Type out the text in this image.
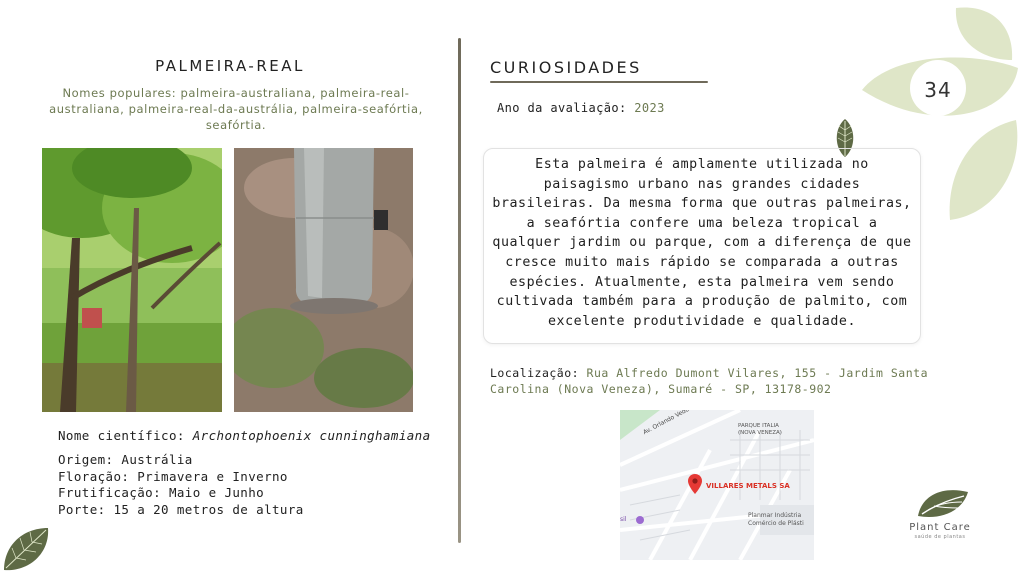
PALMEIRA-REAL
Nomes populares: palmeira-australiana, palmeira-real-australiana, palmeira-real-da-austrália, palmeira-seafórtia, seafórtia.
Nome científico: Archontophoenix cunninghamiana
Origem: Austrália
Floração: Primavera e Inverno
Frutificação: Maio e Junho
Porte: 15 a 20 metros de altura
CURIOSIDADES
Ano da avaliação: 2023
Esta palmeira é amplamente utilizada no paisagismo urbano nas grandes cidades brasileiras. Da mesma forma que outras palmeiras, a seafórtia confere uma beleza tropical a qualquer jardim ou parque, com a diferença de que cresce muito mais rápido se comparada a outras espécies. Atualmente, esta palmeira vem sendo cultivada também para a produção de palmito, com excelente produtividade e qualidade.
Localização: Rua Alfredo Dumont Vilares, 155 - Jardim Santa Carolina (Nova Veneza), Sumaré - SP, 13178-902
PARQUE ITALIA
(NOVA VENEZA)
VILLARES METALS SA
Planmar Indústria
Comércio de Plásti
sil
34
Plant Care
saúde de plantas
